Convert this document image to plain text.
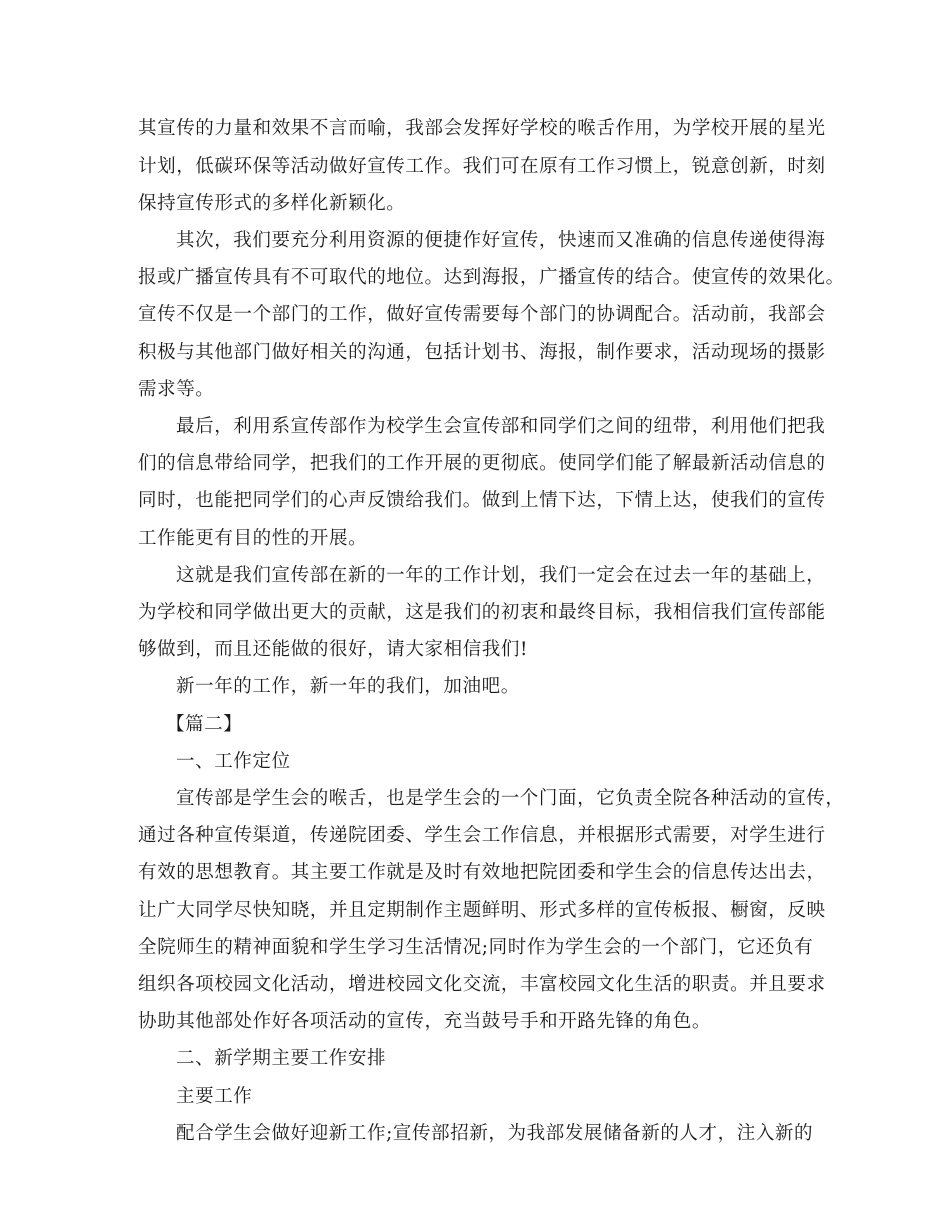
其宣传的力量和效果不言而喻，我部会发挥好学校的喉舌作用，为学校开展的星光
计划，低碳环保等活动做好宣传工作。我们可在原有工作习惯上，锐意创新，时刻
保持宣传形式的多样化新颖化。
其次，我们要充分利用资源的便捷作好宣传，快速而又准确的信息传递使得海
报或广播宣传具有不可取代的地位。达到海报，广播宣传的结合。使宣传的效果化。
宣传不仅是一个部门的工作，做好宣传需要每个部门的协调配合。活动前，我部会
积极与其他部门做好相关的沟通，包括计划书、海报，制作要求，活动现场的摄影
需求等。
最后，利用系宣传部作为校学生会宣传部和同学们之间的纽带，利用他们把我
们的信息带给同学，把我们的工作开展的更彻底。使同学们能了解最新活动信息的
同时，也能把同学们的心声反馈给我们。做到上情下达，下情上达，使我们的宣传
工作能更有目的性的开展。
这就是我们宣传部在新的一年的工作计划，我们一定会在过去一年的基础上，
为学校和同学做出更大的贡献，这是我们的初衷和最终目标，我相信我们宣传部能
够做到，而且还能做的很好，请大家相信我们!
新一年的工作，新一年的我们，加油吧。
【篇二】
一、工作定位
宣传部是学生会的喉舌，也是学生会的一个门面，它负责全院各种活动的宣传，
通过各种宣传渠道，传递院团委、学生会工作信息，并根据形式需要，对学生进行
有效的思想教育。其主要工作就是及时有效地把院团委和学生会的信息传达出去，
让广大同学尽快知晓，并且定期制作主题鲜明、形式多样的宣传板报、橱窗，反映
全院师生的精神面貌和学生学习生活情况;同时作为学生会的一个部门，它还负有
组织各项校园文化活动，增进校园文化交流，丰富校园文化生活的职责。并且要求
协助其他部处作好各项活动的宣传，充当鼓号手和开路先锋的角色。
二、新学期主要工作安排
主要工作
配合学生会做好迎新工作;宣传部招新，为我部发展储备新的人才，注入新的
